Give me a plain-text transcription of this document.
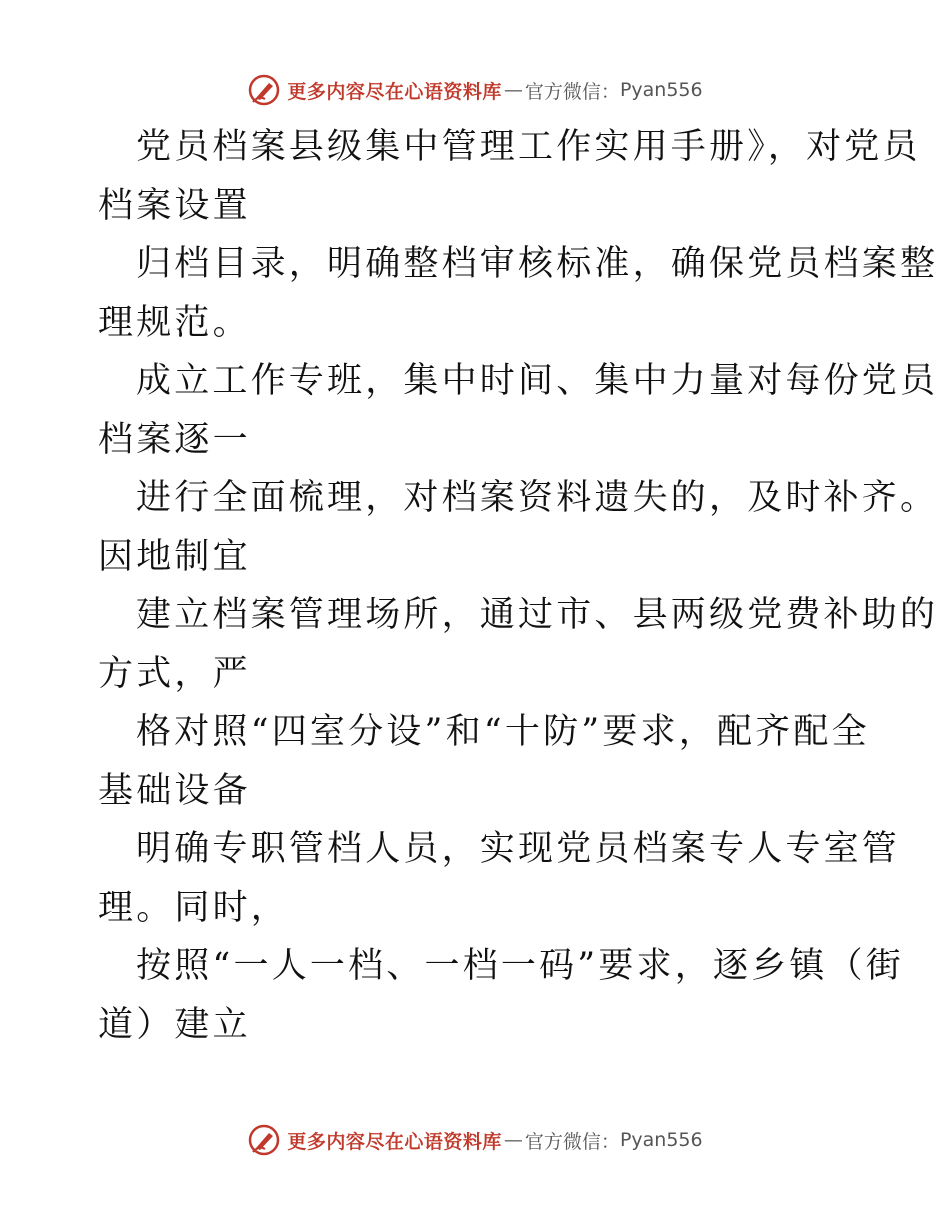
更多内容尽在心语资料库 — 官方微信： Pyan556
党员档案县级集中管理工作实用手册》，对党员
档案设置
归档目录，明确整档审核标准，确保党员档案整
理规范。
成立工作专班，集中时间、集中力量对每份党员
档案逐一
进行全面梳理，对档案资料遗失的，及时补齐。
因地制宜
建立档案管理场所，通过市、县两级党费补助的
方式，严
格对照“四室分设”和“十防”要求，配齐配全
基础设备
明确专职管档人员，实现党员档案专人专室管
理。同时，
按照“一人一档、一档一码”要求，逐乡镇（街
道）建立
更多内容尽在心语资料库 — 官方微信： Pyan556
